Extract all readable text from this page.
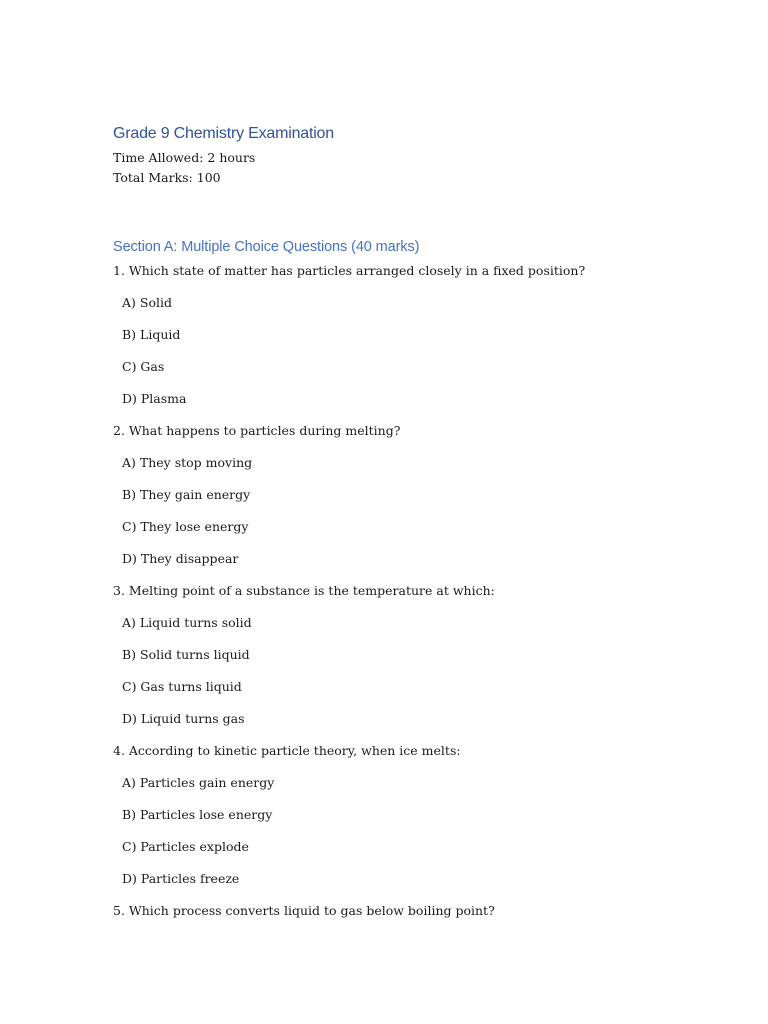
Grade 9 Chemistry Examination
Time Allowed: 2 hours
Total Marks: 100
Section A: Multiple Choice Questions (40 marks)
1. Which state of matter has particles arranged closely in a fixed position?
A) Solid
B) Liquid
C) Gas
D) Plasma
2. What happens to particles during melting?
A) They stop moving
B) They gain energy
C) They lose energy
D) They disappear
3. Melting point of a substance is the temperature at which:
A) Liquid turns solid
B) Solid turns liquid
C) Gas turns liquid
D) Liquid turns gas
4. According to kinetic particle theory, when ice melts:
A) Particles gain energy
B) Particles lose energy
C) Particles explode
D) Particles freeze
5. Which process converts liquid to gas below boiling point?
